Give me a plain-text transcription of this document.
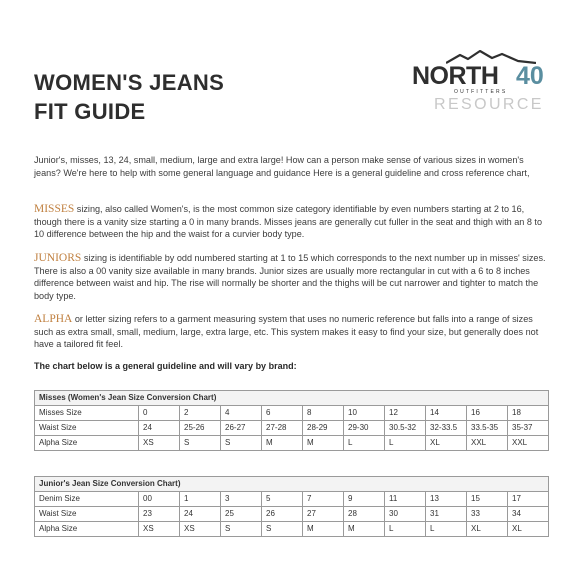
WOMEN'S JEANS
FIT GUIDE
NORTH 40
OUTFITTERS
RESOURCE
Junior's, misses, 13, 24, small, medium, large and extra large! How can a person make sense of various sizes in women's jeans? We're here to help with some general language and guidance Here is a general guideline and cross reference chart,
MISSES sizing, also called Women's, is the most common size category identifiable by even numbers starting at 2 to 16, though there is a vanity size starting a 0 in many brands. Misses jeans are generally cut fuller in the seat and thigh with an 8 to 10 difference between the hip and the waist for a curvier body type.
JUNIORS sizing is identifiable by odd numbered starting at 1 to 15 which corresponds to the next number up in misses' sizes. There is also a 00 vanity size available in many brands. Junior sizes are usually more rectangular in cut with a 6 to 8 inches difference between waist and hip. The rise will normally be shorter and the thighs will be cut narrower and tighter to match the body type.
ALPHA or letter sizing refers to a garment measuring system that uses no numeric reference but falls into a range of sizes such as extra small, small, medium, large, extra large, etc. This system makes it easy to find your size, but generally does not have a tailored fit feel.
The chart below is a general guideline and will vary by brand:
Misses (Women's Jean Size Conversion Chart)										
Misses Size	0	2	4	6	8	10	12	14	16	18
Waist Size	24	25-26	26-27	27-28	28-29	29-30	30.5-32	32-33.5	33.5-35	35-37
Alpha Size	XS	S	S	M	M	L	L	XL	XXL	XXL
Junior's Jean Size Conversion Chart)										
Denim Size	00	1	3	5	7	9	11	13	15	17
Waist Size	23	24	25	26	27	28	30	31	33	34
Alpha Size	XS	XS	S	S	M	M	L	L	XL	XL
